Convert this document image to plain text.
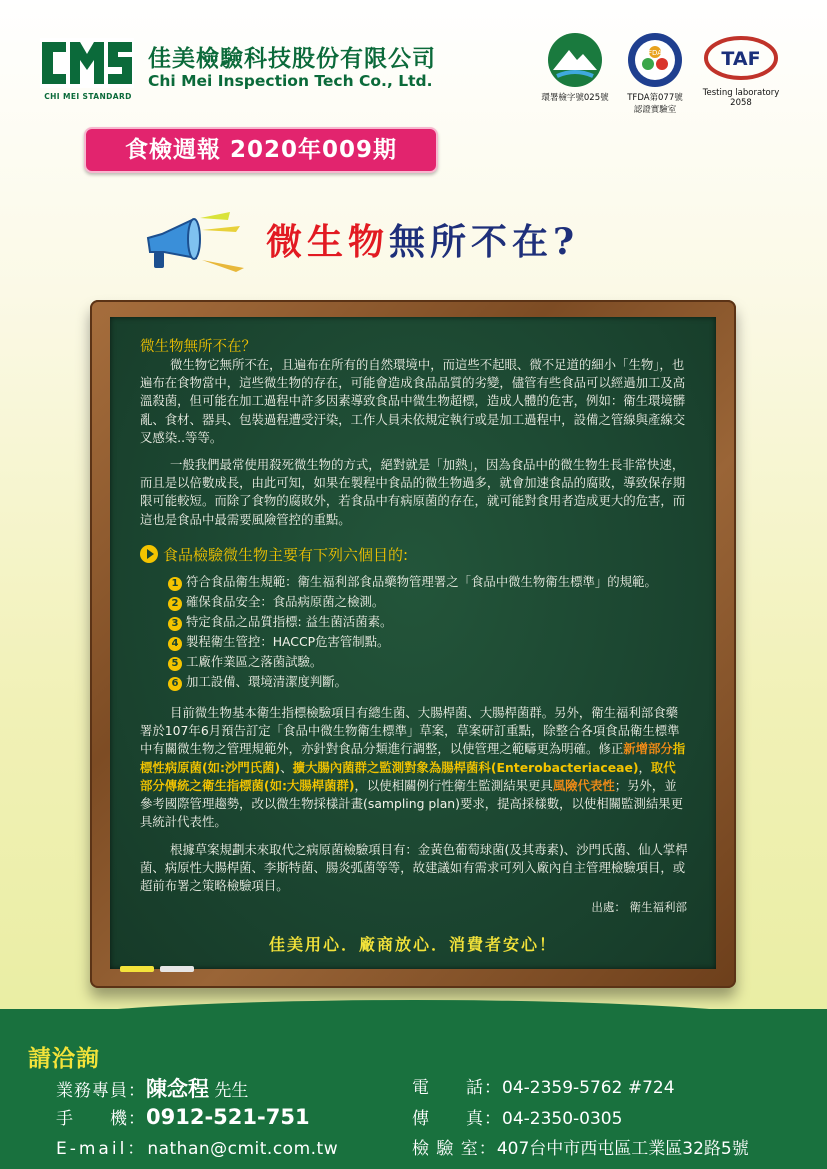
CHI MEI STANDARD
佳美檢驗科技股份有限公司
Chi Mei Inspection Tech Co., Ltd.
環署檢字號025號
FDA
TFDA第077號
認證實驗室
TAF
Testing laboratory
2058
食檢週報 2020年009期
微生物無所不在?
微生物無所不在？
微生物它無所不在，且遍布在所有的自然環境中，而這些不起眼、微不足道的細小「生物」，也遍布在食物當中，這些微生物的存在，可能會造成食品品質的劣變，儘管有些食品可以經過加工及高溫殺菌，但可能在加工過程中許多因素導致食品中微生物超標，造成人體的危害，例如：衛生環境髒亂、食材、器具、包裝過程遭受汙染，工作人員未依規定執行或是加工過程中，設備之管線與產線交叉感染..等等。
一般我們最常使用殺死微生物的方式，絕對就是「加熱」，因為食品中的微生物生長非常快速，而且是以倍數成長，由此可知，如果在製程中食品的微生物過多，就會加速食品的腐敗，導致保存期限可能較短。而除了食物的腐敗外，若食品中有病原菌的存在，就可能對食用者造成更大的危害，而這也是食品中最需要風險管控的重點。
食品檢驗微生物主要有下列六個目的:
1 符合食品衛生規範：衛生福利部食品藥物管理署之「食品中微生物衛生標準」的規範。
2 確保食品安全：食品病原菌之檢測。
3 特定食品之品質指標: 益生菌活菌素。
4 製程衛生管控：HACCP危害管制點。
5 工廠作業區之落菌試驗。
6 加工設備、環境清潔度判斷。
目前微生物基本衛生指標檢驗項目有總生菌、大腸桿菌、大腸桿菌群。另外，衛生福利部食藥署於107年6月預告訂定「食品中微生物衛生標準」草案，草案研訂重點，除整合各項食品衛生標準中有關微生物之管理規範外，亦針對食品分類進行調整，以使管理之範疇更為明確。修正新增部分指標性病原菌(如:沙門氏菌)、擴大腸內菌群之監測對象為腸桿菌科(Enterobacteriaceae)，取代部分傳統之衛生指標菌(如:大腸桿菌群)，以使相關例行性衛生監測結果更具風險代表性；另外，並參考國際管理趨勢，改以微生物採樣計畫(sampling plan)要求，提高採樣數，以使相關監測結果更具統計代表性。
根據草案規劃未來取代之病原菌檢驗項目有：金黃色葡萄球菌(及其毒素)、沙門氏菌、仙人掌桿菌、病原性大腸桿菌、李斯特菌、腸炎弧菌等等，故建議如有需求可列入廠內自主管理檢驗項目，或超前布署之策略檢驗項目。
出處： 衛生福利部
佳美用心．廠商放心．消費者安心！
請洽詢
業務專員：陳念程 先生
手　　機：0912-521-751
E-mail：nathan@cmit.com.tw
電　　話：04-2359-5762 #724
傳　　真：04-2350-0305
檢 驗 室：407台中市西屯區工業區32路5號
